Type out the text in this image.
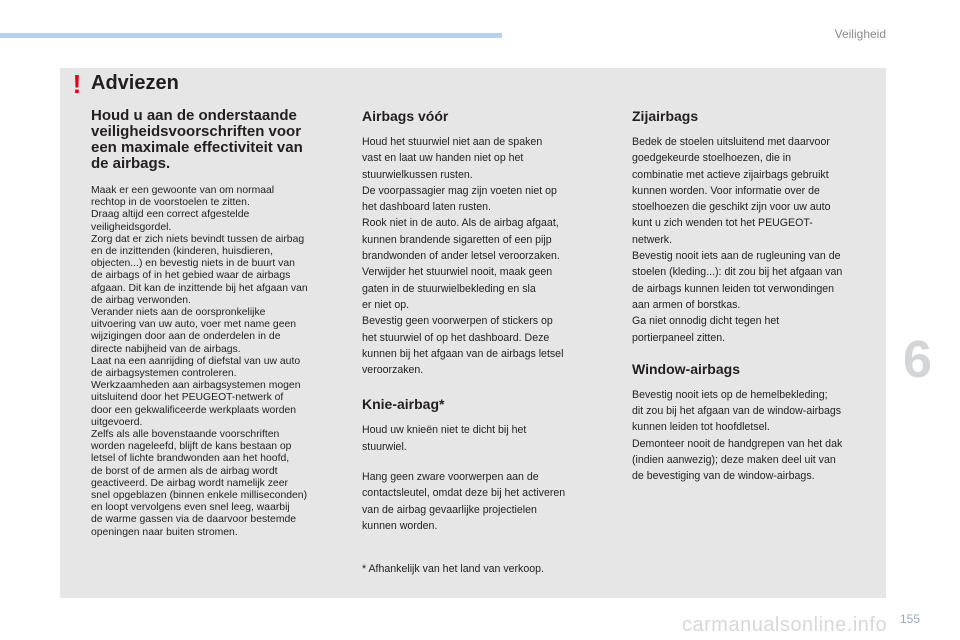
Veiligheid
! Adviezen

Houd u aan de onderstaande

veiligheidsvoorschriften voor

een maximale effectiviteit van

de airbags.

Maak er een gewoonte van om normaal

rechtop in de voorstoelen te zitten.

Draag altijd een correct afgestelde

veiligheidsgordel.

Zorg dat er zich niets bevindt tussen de airbag

en de inzittenden (kinderen, huisdieren,

objecten...) en bevestig niets in de buurt van

de airbags of in het gebied waar de airbags

afgaan. Dit kan de inzittende bij het afgaan van

de airbag verwonden.

Verander niets aan de oorspronkelijke

uitvoering van uw auto, voer met name geen

wijzigingen door aan de onderdelen in de

directe nabijheid van de airbags.

Laat na een aanrijding of diefstal van uw auto

de airbagsystemen controleren.

Werkzaamheden aan airbagsystemen mogen

uitsluitend door het PEUGEOT-netwerk of

door een gekwalificeerde werkplaats worden

uitgevoerd.

Zelfs als alle bovenstaande voorschriften

worden nageleefd, blijft de kans bestaan op

letsel of lichte brandwonden aan het hoofd,

de borst of de armen als de airbag wordt

geactiveerd. De airbag wordt namelijk zeer

snel opgeblazen (binnen enkele milliseconden)

en loopt vervolgens even snel leeg, waarbij

de warme gassen via de daarvoor bestemde

openingen naar buiten stromen.

Airbags vóór

Houd het stuurwiel niet aan de spaken

vast en laat uw handen niet op het

stuurwielkussen rusten.

De voorpassagier mag zijn voeten niet op

het dashboard laten rusten.

Rook niet in de auto. Als de airbag afgaat,

kunnen brandende sigaretten of een pijp

brandwonden of ander letsel veroorzaken.

Verwijder het stuurwiel nooit, maak geen

gaten in de stuurwielbekleding en sla

er niet op.

Bevestig geen voorwerpen of stickers op

het stuurwiel of op het dashboard. Deze

kunnen bij het afgaan van de airbags letsel

veroorzaken.

Knie-airbag*

Houd uw knieën niet te dicht bij het

stuurwiel.

Hang geen zware voorwerpen aan de

contactsleutel, omdat deze bij het activeren

van de airbag gevaarlijke projectielen

kunnen worden.

* Afhankelijk van het land van verkoop.
Zijairbags

Bedek de stoelen uitsluitend met daarvoor

goedgekeurde stoelhoezen, die in

combinatie met actieve zijairbags gebruikt

kunnen worden. Voor informatie over de

stoelhoezen die geschikt zijn voor uw auto

kunt u zich wenden tot het PEUGEOT-

netwerk.

Bevestig nooit iets aan de rugleuning van de

stoelen (kleding...): dit zou bij het afgaan van

de airbags kunnen leiden tot verwondingen

aan armen of borstkas.

Ga niet onnodig dicht tegen het

portierpaneel zitten.

Window-airbags

Bevestig nooit iets op de hemelbekleding;

dit zou bij het afgaan van de window-airbags

kunnen leiden tot hoofdletsel.

Demonteer nooit de handgrepen van het dak

(indien aanwezig); deze maken deel uit van

de bevestiging van de window-airbags.

6
carmanualsonline.info 155
